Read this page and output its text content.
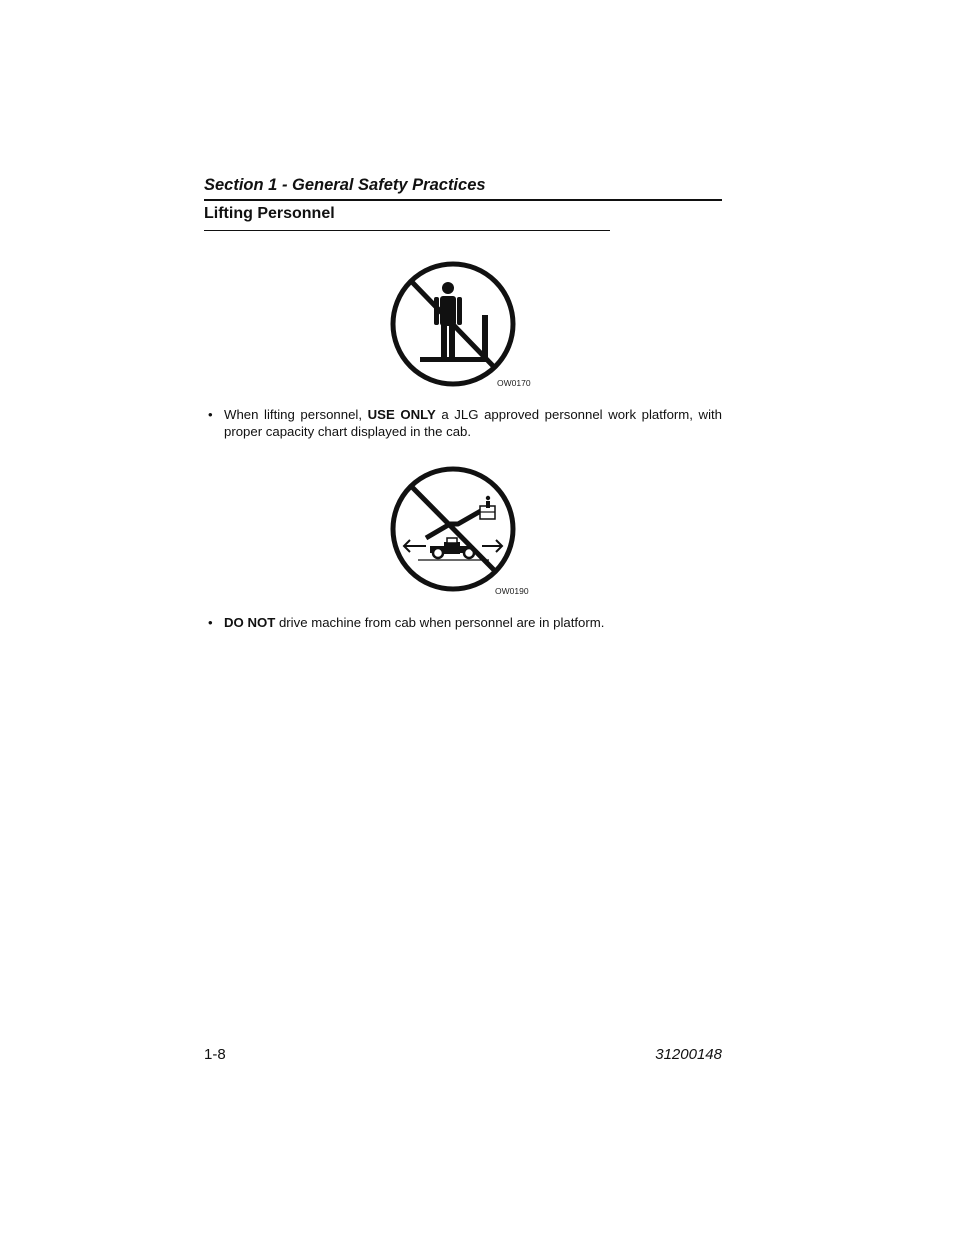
Section 1 - General Safety Practices
Lifting Personnel
OW0170
• When lifting personnel, USE ONLY a JLG approved personnel work platform, with proper capacity chart displayed in the cab.
OW0190
• DO NOT drive machine from cab when personnel are in platform.
1-8	31200148
